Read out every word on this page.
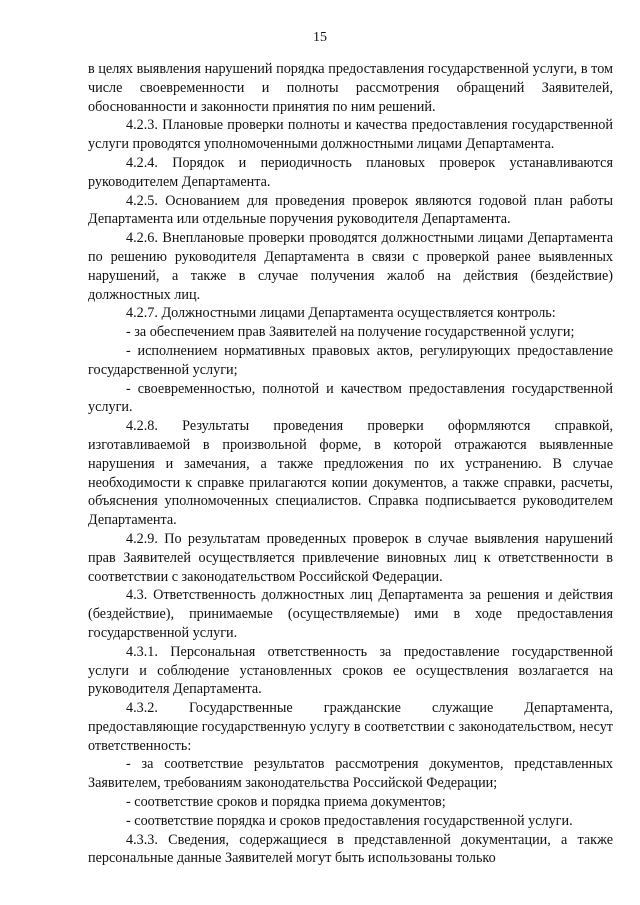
15

в целях выявления нарушений порядка предоставления государственной услуги, в том числе своевременности и полноты рассмотрения обращений Заявителей, обоснованности и законности принятия по ним решений.

4.2.3. Плановые проверки полноты и качества предоставления государственной услуги проводятся уполномоченными должностными лицами Департамента.

4.2.4. Порядок и периодичность плановых проверок устанавливаются руководителем Департамента.

4.2.5. Основанием для проведения проверок являются годовой план работы Департамента или отдельные поручения руководителя Департамента.

4.2.6. Внеплановые проверки проводятся должностными лицами Департамента по решению руководителя Департамента в связи с проверкой ранее выявленных нарушений, а также в случае получения жалоб на действия (бездействие) должностных лиц.

4.2.7. Должностными лицами Департамента осуществляется контроль:

- за обеспечением прав Заявителей на получение государственной услуги;

- исполнением нормативных правовых актов, регулирующих предоставление государственной услуги;

- своевременностью, полнотой и качеством предоставления государственной услуги.

4.2.8. Результаты проведения проверки оформляются справкой, изготавливаемой в произвольной форме, в которой отражаются выявленные нарушения и замечания, а также предложения по их устранению. В случае необходимости к справке прилагаются копии документов, а также справки, расчеты, объяснения уполномоченных специалистов. Справка подписывается руководителем Департамента.

4.2.9. По результатам проведенных проверок в случае выявления нарушений прав Заявителей осуществляется привлечение виновных лиц к ответственности в соответствии с законодательством Российской Федерации.

4.3. Ответственность должностных лиц Департамента за решения и действия (бездействие), принимаемые (осуществляемые) ими в ходе предоставления государственной услуги.

4.3.1. Персональная ответственность за предоставление государственной услуги и соблюдение установленных сроков ее осуществления возлагается на руководителя Департамента.

4.3.2. Государственные гражданские служащие Департамента, предоставляющие государственную услугу в соответствии с законодательством, несут ответственность:

- за соответствие результатов рассмотрения документов, представленных Заявителем, требованиям законодательства Российской Федерации;

- соответствие сроков и порядка приема документов;

- соответствие порядка и сроков предоставления государственной услуги.

4.3.3. Сведения, содержащиеся в представленной документации, а также персональные данные Заявителей могут быть использованы только
